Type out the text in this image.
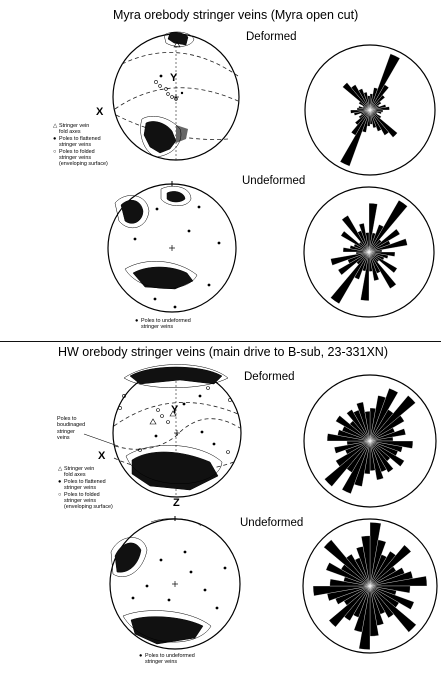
Myra orebody stringer veins (Myra open cut)
Deformed
Undeformed
Y
X
△ Stringer vein
fold axes
● Poles to flattened
stringer veins
○ Poles to folded
stringer veins
(enveloping surface)
● Poles to undeformed
stringer veins
HW orebody stringer veins (main drive to B-sub, 23-331XN)
Deformed
Undeformed
Y
X
Z
Poles to
boudinaged
stringer
veins
△ Stringer vein
fold axes
● Poles to flattened
stringer veins
○ Poles to folded
stringer veins
(enveloping surface)
● Poles to undeformed
stringer veins
